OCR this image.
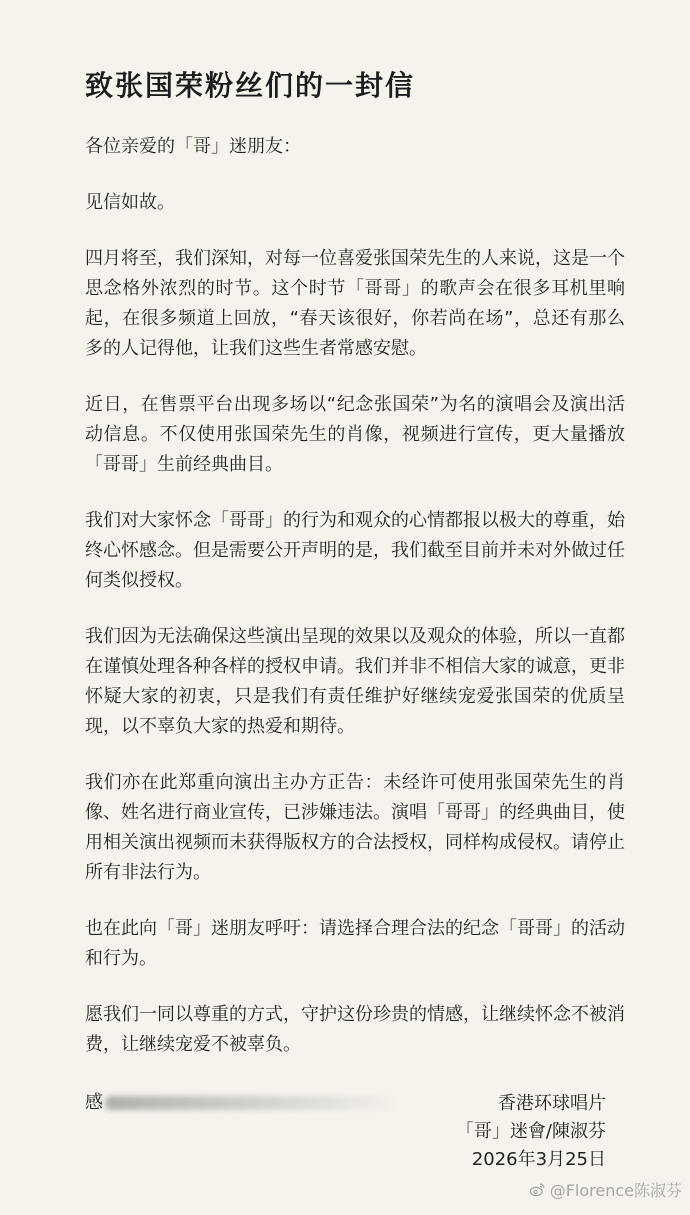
致张国荣粉丝们的一封信
各位亲爱的「哥」迷朋友：
见信如故。
四月将至，我们深知，对每一位喜爱张国荣先生的人来说，这是一个思念格外浓烈的时节。这个时节「哥哥」的歌声会在很多耳机里响起，在很多频道上回放，“春天该很好，你若尚在场”，总还有那么多的人记得他，让我们这些生者常感安慰。
近日，在售票平台出现多场以“纪念张国荣”为名的演唱会及演出活动信息。不仅使用张国荣先生的肖像，视频进行宣传，更大量播放「哥哥」生前经典曲目。
我们对大家怀念「哥哥」的行为和观众的心情都报以极大的尊重，始终心怀感念。但是需要公开声明的是，我们截至目前并未对外做过任何类似授权。
我们因为无法确保这些演出呈现的效果以及观众的体验，所以一直都在谨慎处理各种各样的授权申请。我们并非不相信大家的诚意，更非怀疑大家的初衷，只是我们有责任维护好继续宠爱张国荣的优质呈现，以不辜负大家的热爱和期待。
我们亦在此郑重向演出主办方正告：未经许可使用张国荣先生的肖像、姓名进行商业宣传，已涉嫌违法。演唱「哥哥」的经典曲目，使用相关演出视频而未获得版权方的合法授权，同样构成侵权。请停止所有非法行为。
也在此向「哥」迷朋友呼吁：请选择合理合法的纪念「哥哥」的活动和行为。
愿我们一同以尊重的方式，守护这份珍贵的情感，让继续怀念不被消费，让继续宠爱不被辜负。
感	香港环球唱片
「哥」迷會/陳淑芬
2026年3月25日
@Florence陈淑芬
